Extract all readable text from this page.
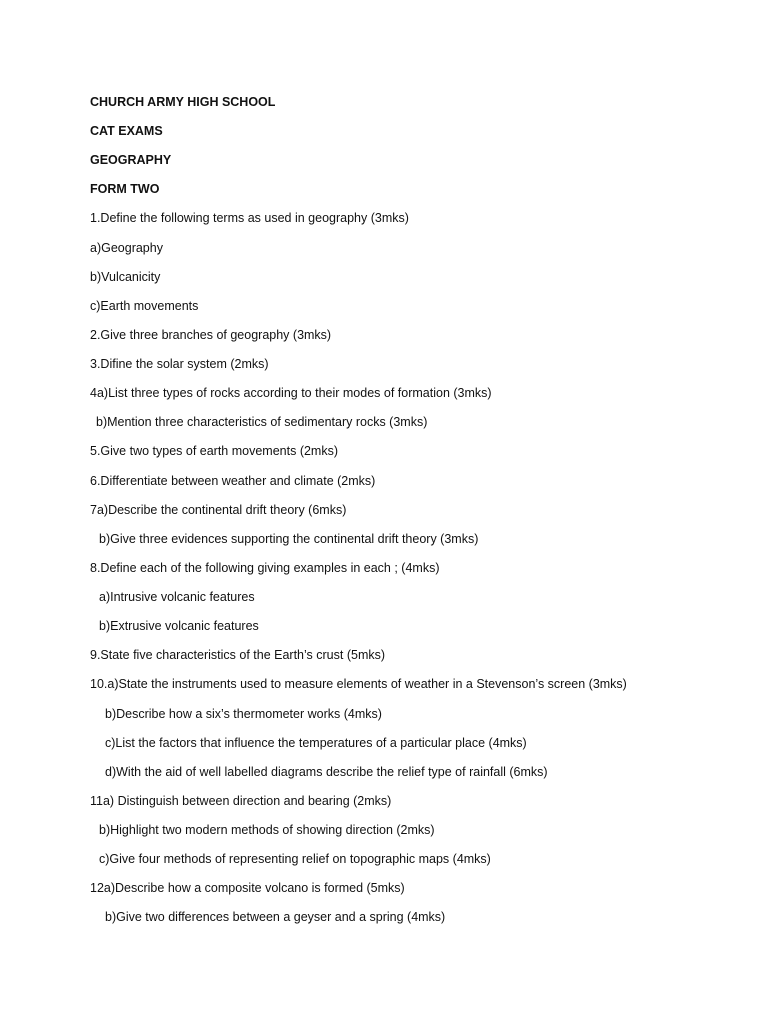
CHURCH ARMY HIGH SCHOOL
CAT EXAMS
GEOGRAPHY
FORM TWO
1.Define the following terms as used in geography (3mks)
a)Geography
b)Vulcanicity
c)Earth movements
2.Give three branches of geography (3mks)
3.Difine the solar system (2mks)
4a)List three types of rocks according to their modes of formation (3mks)
b)Mention three characteristics of sedimentary rocks (3mks)
5.Give two types of earth movements (2mks)
6.Differentiate between weather and climate (2mks)
7a)Describe the continental drift theory (6mks)
b)Give three evidences supporting the continental drift theory (3mks)
8.Define each of the following giving examples in each ; (4mks)
a)Intrusive volcanic features
b)Extrusive volcanic features
9.State five characteristics of the Earth’s crust (5mks)
10.a)State the instruments used to measure elements of weather in a Stevenson’s screen (3mks)
b)Describe how a six’s thermometer works (4mks)
c)List the factors that influence the temperatures of a particular place (4mks)
d)With the aid of well labelled diagrams describe the relief type of rainfall (6mks)
11a) Distinguish between direction and bearing (2mks)
b)Highlight two modern methods of showing direction (2mks)
c)Give four methods of representing relief on topographic maps (4mks)
12a)Describe how a composite volcano is formed (5mks)
b)Give two differences between a geyser and a spring (4mks)
